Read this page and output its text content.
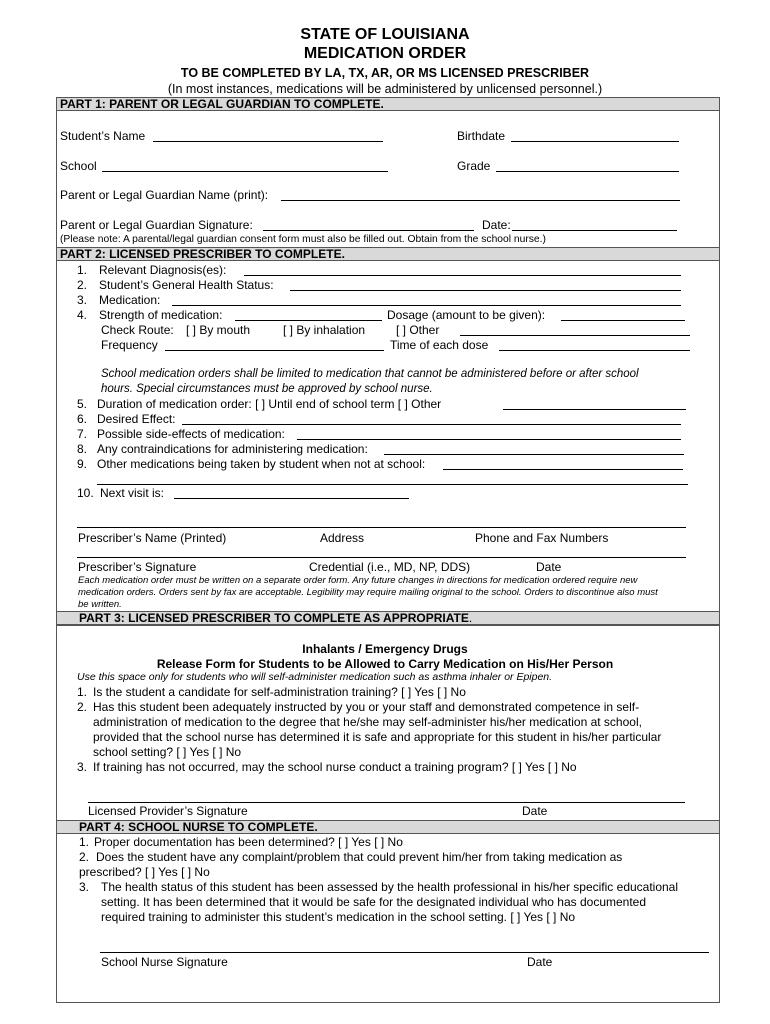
STATE OF LOUISIANA
MEDICATION ORDER
TO BE COMPLETED BY LA, TX, AR, OR MS LICENSED PRESCRIBER
(In most instances, medications will be administered by unlicensed personnel.)
PART 1: PARENT OR LEGAL GUARDIAN TO COMPLETE.
Student’s Name	Birthdate
School	Grade
Parent or Legal Guardian Name (print):
Parent or Legal Guardian Signature:	Date:
(Please note: A parental/legal guardian consent form must also be filled out. Obtain from the school nurse.)
PART 2: LICENSED PRESCRIBER TO COMPLETE.
1. Relevant Diagnosis(es):
2. Student’s General Health Status:
3. Medication:
4. Strength of medication:	Dosage (amount to be given):
Check Route: [ ] By mouth	[ ] By inhalation	[ ] Other
Frequency	Time of each dose
School medication orders shall be limited to medication that cannot be administered before or after school
hours. Special circumstances must be approved by school nurse.
5. Duration of medication order: [ ] Until end of school term [ ] Other
6. Desired Effect:
7. Possible side-effects of medication:
8. Any contraindications for administering medication:
9. Other medications being taken by student when not at school:
10. Next visit is:
Prescriber’s Name (Printed)	Address	Phone and Fax Numbers
Prescriber’s Signature	Credential (i.e., MD, NP, DDS)	Date
Each medication order must be written on a separate order form. Any future changes in directions for medication ordered require new
medication orders. Orders sent by fax are acceptable. Legibility may require mailing original to the school. Orders to discontinue also must
be written.
PART 3: LICENSED PRESCRIBER TO COMPLETE AS APPROPRIATE.
Inhalants / Emergency Drugs
Release Form for Students to be Allowed to Carry Medication on His/Her Person
Use this space only for students who will self-administer medication such as asthma inhaler or Epipen.
1. Is the student a candidate for self-administration training? [ ] Yes [ ] No
2. Has this student been adequately instructed by you or your staff and demonstrated competence in self-
administration of medication to the degree that he/she may self-administer his/her medication at school,
provided that the school nurse has determined it is safe and appropriate for this student in his/her particular
school setting? [ ] Yes [ ] No
3. If training has not occurred, may the school nurse conduct a training program? [ ] Yes [ ] No
Licensed Provider’s Signature	Date
PART 4: SCHOOL NURSE TO COMPLETE.
1. Proper documentation has been determined? [ ] Yes [ ] No
2. Does the student have any complaint/problem that could prevent him/her from taking medication as
prescribed? [ ] Yes [ ] No
3. The health status of this student has been assessed by the health professional in his/her specific educational
setting. It has been determined that it would be safe for the designated individual who has documented
required training to administer this student’s medication in the school setting. [ ] Yes [ ] No
School Nurse Signature	Date
